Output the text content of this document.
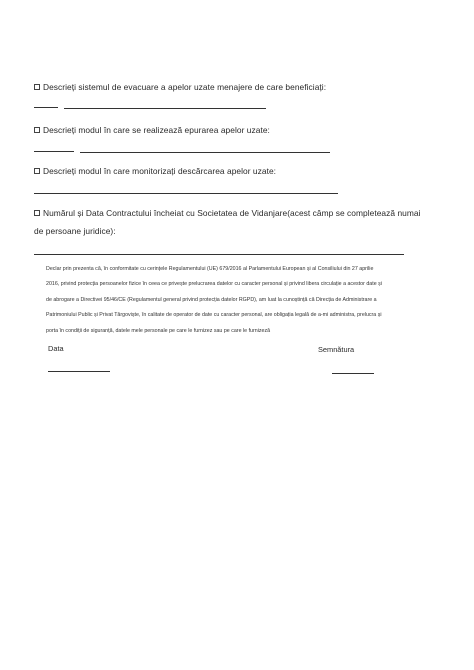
Descrieți sistemul de evacuare a apelor uzate menajere de care beneficiați:
Descrieți modul în care se realizează epurarea apelor uzate:
Descrieți modul în care monitorizați descărcarea apelor uzate:
Numărul și Data Contractului încheiat cu Societatea de Vidanjare(acest câmp se completează numai
de persoane juridice):
Declar prin prezenta că, în conformitate cu cerințele Regulamentului (UE) 679/2016 al Parlamentului European și al Consiliului din 27 aprilie
2016, privind protecția persoanelor fizice în ceea ce privește prelucrarea datelor cu caracter personal și privind libera circulație a acestor date și
de abrogare a Directivei 95/46/CE (Regulamentul general privind protecția datelor RGPD), am luat la cunoștință că Direcția de Administrare a
Patrimoniului Public și Privat Târgoviște, în calitate de operator de date cu caracter personal, are obligația legală de a-mi administra, prelucra și
porta în condiții de siguranță, datele mele personale pe care le furnizez sau pe care le furnizeză
Data	Semnătura
